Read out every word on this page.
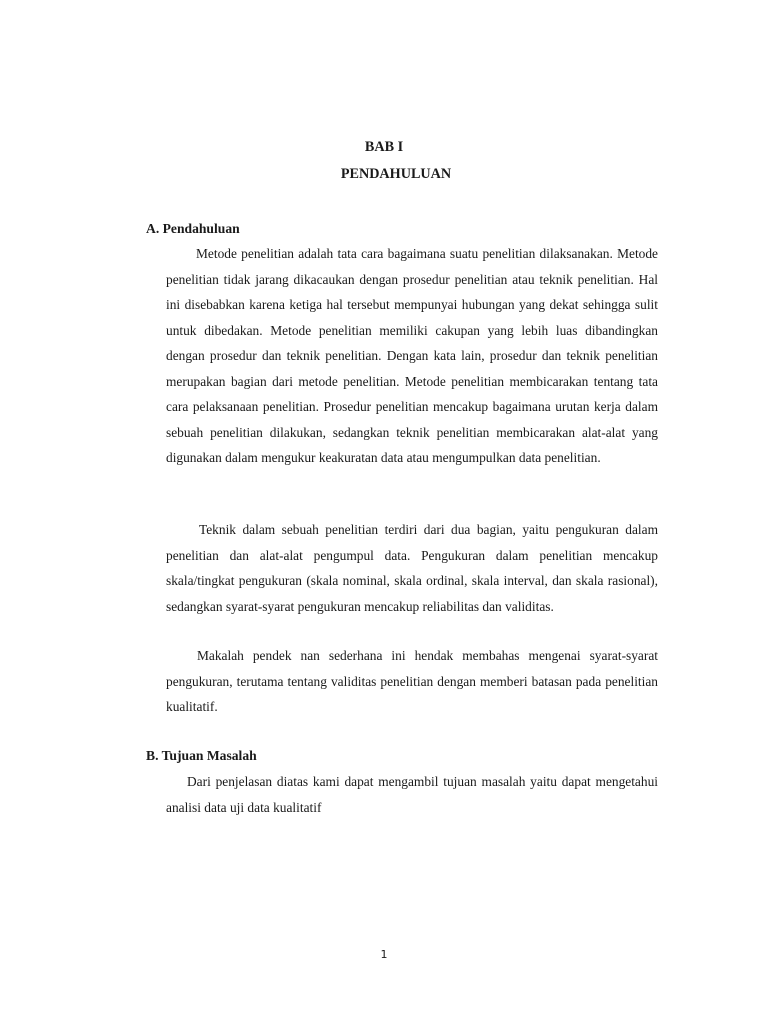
BAB I
PENDAHULUAN
A. Pendahuluan

Metode penelitian adalah tata cara bagaimana suatu penelitian dilaksanakan. Metode penelitian tidak jarang dikacaukan dengan prosedur penelitian atau teknik penelitian. Hal ini disebabkan karena ketiga hal tersebut mempunyai hubungan yang dekat sehingga sulit untuk dibedakan. Metode penelitian memiliki cakupan yang lebih luas dibandingkan dengan prosedur dan teknik penelitian. Dengan kata lain, prosedur dan teknik penelitian merupakan bagian dari metode penelitian. Metode penelitian membicarakan tentang tata cara pelaksanaan penelitian. Prosedur penelitian mencakup bagaimana urutan kerja dalam sebuah penelitian dilakukan, sedangkan teknik penelitian membicarakan alat-alat yang digunakan dalam mengukur keakuratan data atau mengumpulkan data penelitian.

Teknik dalam sebuah penelitian terdiri dari dua bagian, yaitu pengukuran dalam penelitian dan alat-alat pengumpul data. Pengukuran dalam penelitian mencakup skala/tingkat pengukuran (skala nominal, skala ordinal, skala interval, dan skala rasional), sedangkan syarat-syarat pengukuran mencakup reliabilitas dan validitas.

Makalah pendek nan sederhana ini hendak membahas mengenai syarat-syarat pengukuran, terutama tentang validitas penelitian dengan memberi batasan pada penelitian kualitatif.

B. Tujuan Masalah

Dari penjelasan diatas kami dapat mengambil tujuan masalah yaitu dapat mengetahui analisi data uji data kualitatif

1
